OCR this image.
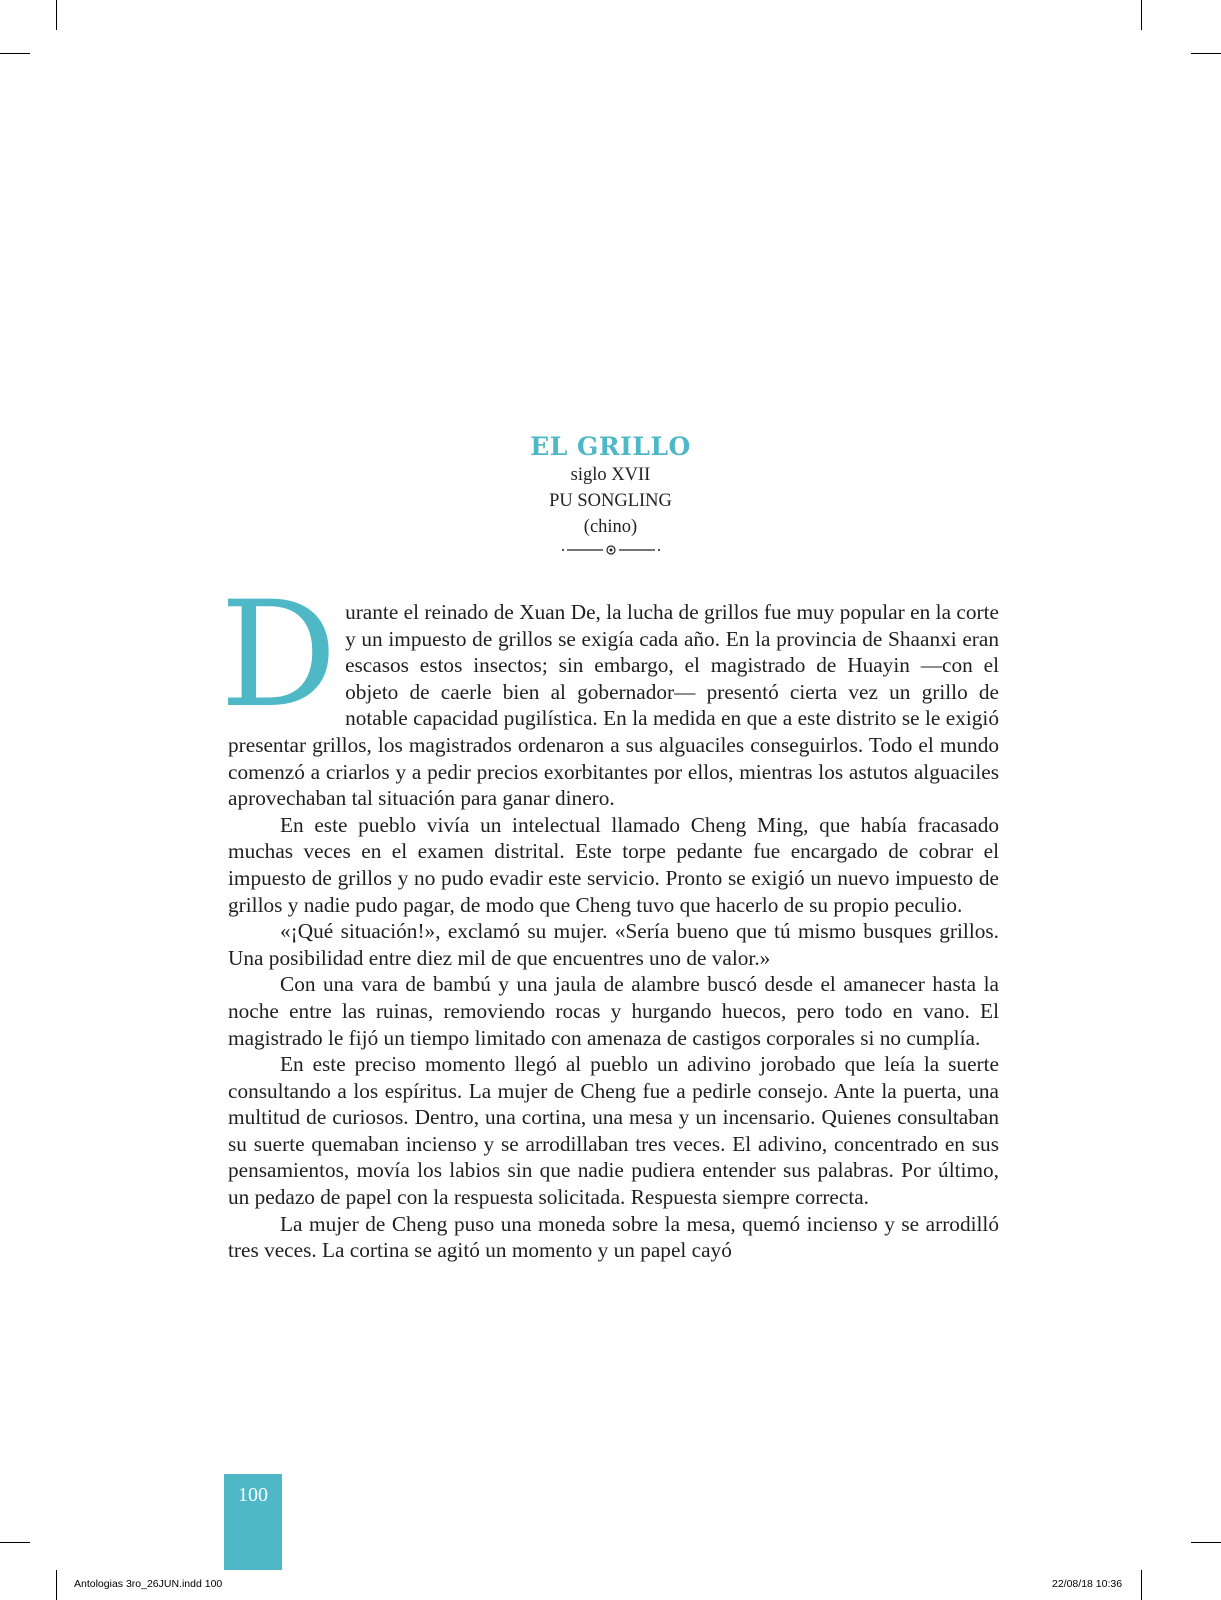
EL GRILLO
siglo XVII
PU SONGLING
(chino)

Durante el reinado de Xuan De, la lucha de grillos fue muy popular en la corte y un impuesto de grillos se exigía cada año. En la provincia de Shaanxi eran escasos estos insectos; sin embargo, el magistrado de Huayin —con el objeto de caerle bien al gobernador— presentó cierta vez un grillo de notable capacidad pugilística. En la medida en que a este distrito se le exigió presentar grillos, los magistrados ordenaron a sus alguaciles conseguirlos. Todo el mundo comenzó a criarlos y a pedir precios exorbitantes por ellos, mientras los astutos alguaciles aprovechaban tal situación para ganar dinero.

En este pueblo vivía un intelectual llamado Cheng Ming, que había fracasado muchas veces en el examen distrital. Este torpe pedante fue encargado de cobrar el impuesto de grillos y no pudo evadir este servicio. Pronto se exigió un nuevo impuesto de grillos y nadie pudo pagar, de modo que Cheng tuvo que hacerlo de su propio peculio.

«¡Qué situación!», exclamó su mujer. «Sería bueno que tú mismo busques grillos. Una posibilidad entre diez mil de que encuentres uno de valor.»

Con una vara de bambú y una jaula de alambre buscó desde el amanecer hasta la noche entre las ruinas, removiendo rocas y hurgando huecos, pero todo en vano. El magistrado le fijó un tiempo limitado con amenaza de castigos corporales si no cumplía.

En este preciso momento llegó al pueblo un adivino jorobado que leía la suerte consultando a los espíritus. La mujer de Cheng fue a pedirle consejo. Ante la puerta, una multitud de curiosos. Dentro, una cortina, una mesa y un incensario. Quienes consultaban su suerte quemaban incienso y se arrodillaban tres veces. El adivino, concentrado en sus pensamientos, movía los labios sin que nadie pudiera entender sus palabras. Por último, un pedazo de papel con la respuesta solicitada. Respuesta siempre correcta.

La mujer de Cheng puso una moneda sobre la mesa, quemó incienso y se arrodilló tres veces. La cortina se agitó un momento y un papel cayó

100
Antologias 3ro_26JUN.indd 100	22/08/18 10:36
